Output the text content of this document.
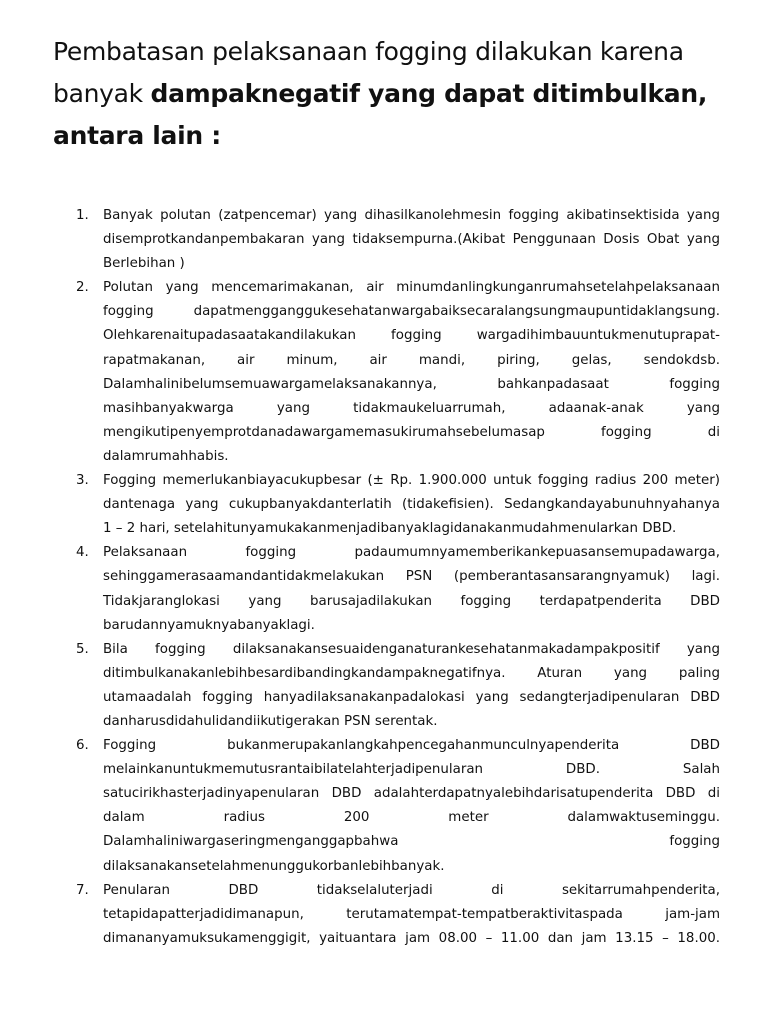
Pembatasan pelaksanaan fogging dilakukan karena banyak dampaknegatif yang dapat ditimbulkan, antara lain :
1. Banyak polutan (zatpencemar) yang dihasilkanolehmesin fogging akibatinsektisida yang
disemprotkandanpembakaran yang tidaksempurna.(Akibat Penggunaan Dosis Obat yang
Berlebihan )
2. Polutan yang mencemarimakanan, air minumdanlingkunganrumahsetelahpelaksanaan
fogging dapatmengganggukesehatanwargabaiksecaralangsungmaupuntidaklangsung.
Olehkarenaitupadasaatakandilakukan fogging wargadihimbauuntukmenutuprapat-
rapatmakanan, air minum, air mandi, piring, gelas, sendokdsb.
Dalamhalinibelumsemuawargamelaksanakannya, bahkanpadasaat fogging
masihbanyakwarga yang tidakmaukeluarrumah, adaanak-anak yang
mengikutipenyemprotdanadawargamemasukirumahsebelumasap fogging di
dalamrumahhabis.
3. Fogging memerlukanbiayacukupbesar (± Rp. 1.900.000 untuk fogging radius 200 meter)
dantenaga yang cukupbanyakdanterlatih (tidakefisien). Sedangkandayabunuhnyahanya
1 – 2 hari, setelahitunyamukakanmenjadibanyaklagidanakanmudahmenularkan DBD.
4. Pelaksanaan fogging padaumumnyamemberikankepuasansemupadawarga,
sehinggamerasaamandantidakmelakukan PSN (pemberantasansarangnyamuk) lagi.
Tidakjaranglokasi yang barusajadilakukan fogging terdapatpenderita DBD
barudannyamuknyabanyaklagi.
5. Bila fogging dilaksanakansesuaidenganaturankesehatanmakadampakpositif yang
ditimbulkanakanlebihbesardibandingkandampaknegatifnya. Aturan yang paling
utamaadalah fogging hanyadilaksanakanpadalokasi yang sedangterjadipenularan DBD
danharusdidahulidandiikutigerakan PSN serentak.
6. Fogging bukanmerupakanlangkahpencegahanmunculnyapenderita DBD
melainkanuntukmemutusrantaibilatelahterjadipenularan DBD. Salah
satucirikhasterjadinyapenularan DBD adalahterdapatnyalebihdarisatupenderita DBD di
dalam radius 200 meter dalamwaktuseminggu.
Dalamhaliniwargaseringmenganggapbahwa fogging
dilaksanakansetelahmenunggukorbanlebihbanyak.
7. Penularan DBD tidakselaluterjadi di sekitarrumahpenderita,
tetapidapatterjadidimanapun, terutamatempat-tempatberaktivitaspada jam-jam
dimananyamuksukamenggigit, yaituantara jam 08.00 – 11.00 dan jam 13.15 – 18.00.
